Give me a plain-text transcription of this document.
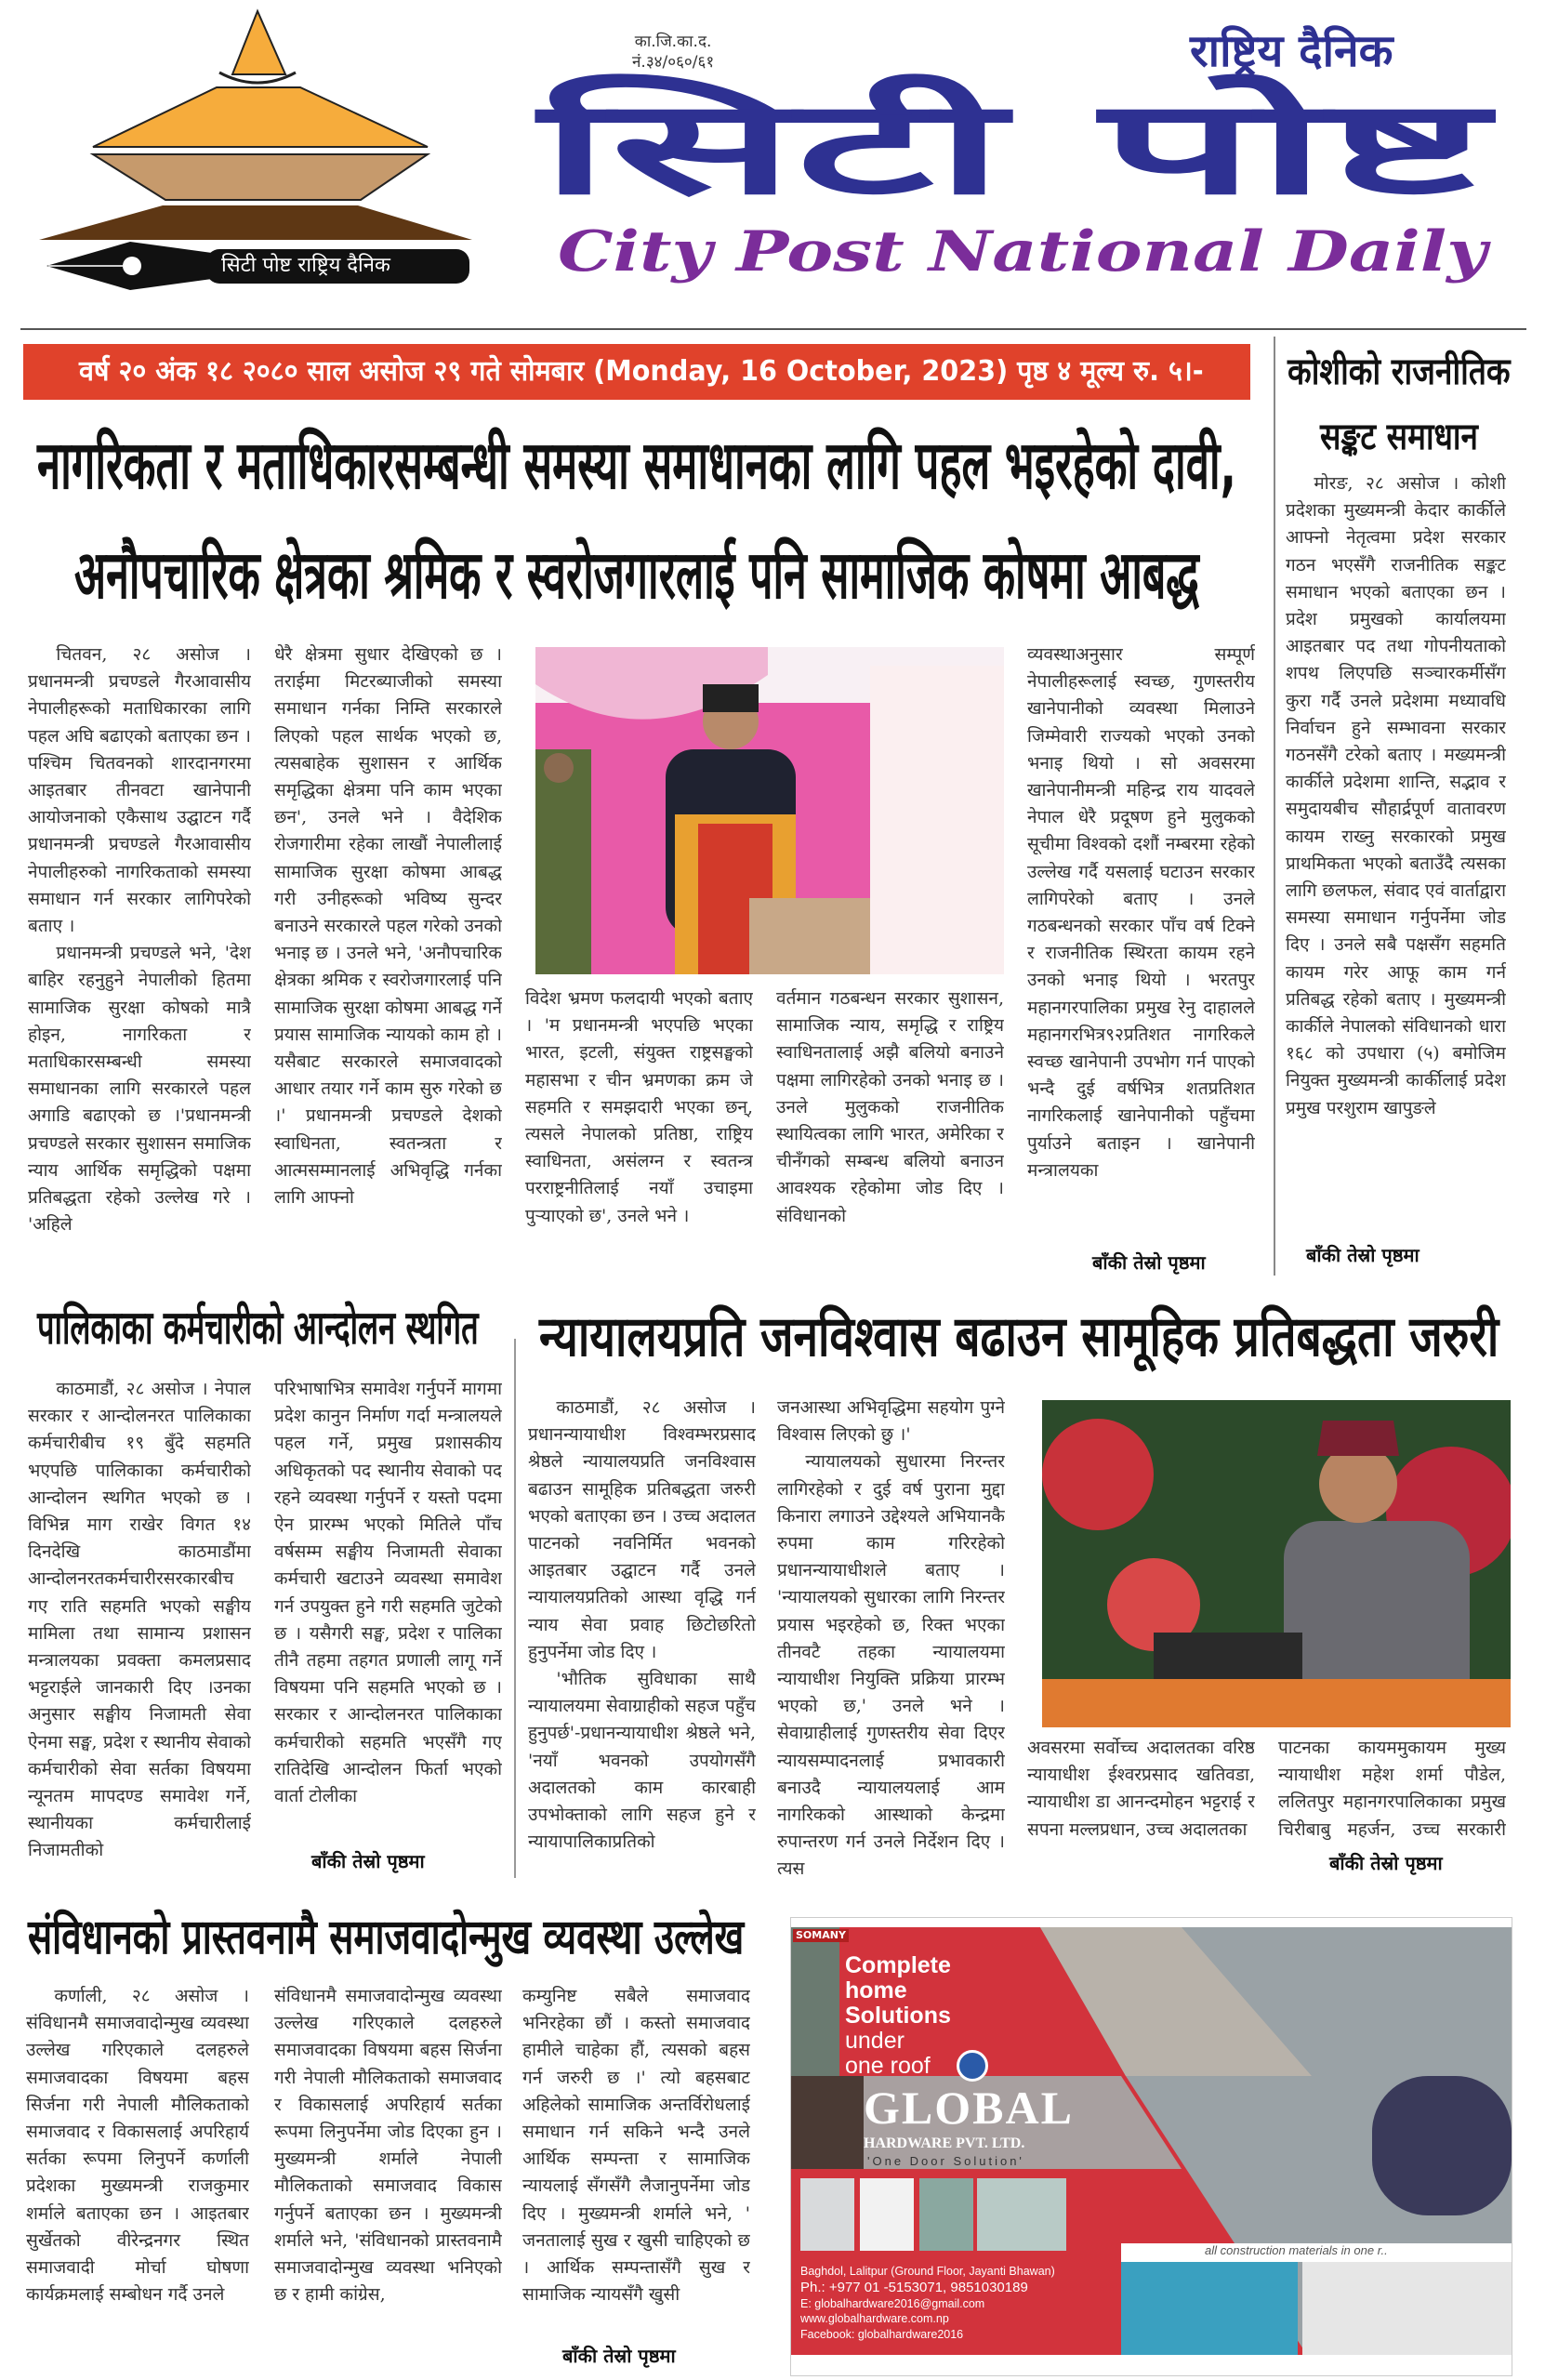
सिटी पोष्ट राष्ट्रिय दैनिक
का.जि.का.द.
नं.३४/०६०/६१	राष्ट्रिय दैनिक
सिटी पोष्ट
City Post National Daily
वर्ष २० अंक १८ २०८० साल असोज २९ गते सोमबार (Monday, 16 October, 2023) पृष्ठ ४ मूल्य रु. ५।-
नागरिकता र मताधिकारसम्बन्धी समस्या समाधानका लागि पहल भइरहेको दावी,
अनौपचारिक क्षेत्रका श्रमिक र स्वरोजगारलाई पनि सामाजिक कोषमा आबद्ध

चितवन, २८ असोज । प्रधानमन्त्री प्रचण्डले गैरआवासीय नेपालीहरूको मताधिकारका लागि पहल अघि बढाएको बताएका छन । पश्चिम चितवनको शारदानगरमा आइतबार तीनवटा खानेपानी आयोजनाको एकैसाथ उद्घाटन गर्दै प्रधानमन्त्री प्रचण्डले गैरआवासीय नेपालीहरुको नागरिकताको समस्या समाधान गर्न सरकार लागिपरेको बताए ।

प्रधानमन्त्री प्रचण्डले भने, 'देश बाहिर रहनुहुने नेपालीको हितमा सामाजिक सुरक्षा कोषको मात्रै होइन, नागरिकता र मताधिकारसम्बन्धी समस्या समाधानका लागि सरकारले पहल अगाडि बढाएको छ ।'प्रधानमन्त्री प्रचण्डले सरकार सुशासन समाजिक न्याय आर्थिक समृद्धिको पक्षमा प्रतिबद्धता रहेको उल्लेख गरे । 'अहिले

धेरै क्षेत्रमा सुधार देखिएको छ । तराईमा मिटरब्याजीको समस्या समाधान गर्नका निम्ति सरकारले लिएको पहल सार्थक भएको छ, त्यसबाहेक सुशासन र आर्थिक समृद्धिका क्षेत्रमा पनि काम भएका छन', उनले भने । वैदेशिक रोजगारीमा रहेका लाखौं नेपालीलाई सामाजिक सुरक्षा कोषमा आबद्ध गरी उनीहरूको भविष्य सुन्दर बनाउने सरकारले पहल गरेको उनको भनाइ छ । उनले भने, 'अनौपचारिक क्षेत्रका श्रमिक र स्वरोजगारलाई पनि सामाजिक सुरक्षा कोषमा आबद्ध गर्ने प्रयास सामाजिक न्यायको काम हो । यसैबाट सरकारले समाजवादको आधार तयार गर्ने काम सुरु गरेको छ ।' प्रधानमन्त्री प्रचण्डले देशको स्वाधिनता, स्वतन्त्रता र आत्मसम्मानलाई अभिवृद्धि गर्नका लागि आफ्नो

विदेश भ्रमण फलदायी भएको बताए । 'म प्रधानमन्त्री भएपछि भएका भारत, इटली, संयुक्त राष्ट्रसङ्घको महासभा र चीन भ्रमणका क्रम जे सहमति र समझदारी भएका छन्, त्यसले नेपालको प्रतिष्ठा, राष्ट्रिय स्वाधिनता, असंलग्न र स्वतन्त्र परराष्ट्रनीतिलाई नयाँ उचाइमा पुऱ्याएको छ', उनले भने ।

वर्तमान गठबन्धन सरकार सुशासन, सामाजिक न्याय, समृद्धि र राष्ट्रिय स्वाधिनतालाई अझै बलियो बनाउने पक्षमा लागिरहेको उनको भनाइ छ । उनले मुलुकको राजनीतिक स्थायित्वका लागि भारत, अमेरिका र चीनँगको सम्बन्ध बलियो बनाउन आवश्यक रहेकोमा जोड दिए । संविधानको

व्यवस्थाअनुसार सम्पूर्ण नेपालीहरूलाई स्वच्छ, गुणस्तरीय खानेपानीको व्यवस्था मिलाउने जिम्मेवारी राज्यको भएको उनको भनाइ थियो । सो अवसरमा खानेपानीमन्त्री महिन्द्र राय यादवले नेपाल धेरै प्रदूषण हुने मुलुकको सूचीमा विश्वको दशौं नम्बरमा रहेको उल्लेख गर्दै यसलाई घटाउन सरकार लागिपरेको बताए । उनले गठबन्धनको सरकार पाँच वर्ष टिक्ने र राजनीतिक स्थिरता कायम रहने उनको भनाइ थियो । भरतपुर महानगरपालिका प्रमुख रेनु दाहालले महानगरभित्र९२प्रतिशत नागरिकले स्वच्छ खानेपानी उपभोग गर्न पाएको भन्दै दुई वर्षभित्र शतप्रतिशत नागरिकलाई खानेपानीको पहुँचमा पुर्याउने बताइन । खानेपानी मन्त्रालयका

बाँकी तेस्रो पृष्ठमा
कोशीको राजनीतिक
सङ्कट समाधान

मोरङ, २८ असोज । कोशी प्रदेशका मुख्यमन्त्री केदार कार्कीले आफ्नो नेतृत्वमा प्रदेश सरकार गठन भएसँगै राजनीतिक सङ्कट समाधान भएको बताएका छन । प्रदेश प्रमुखको कार्यालयमा आइतबार पद तथा गोपनीयताको शपथ लिएपछि सञ्चारकर्मीसँग कुरा गर्दै उनले प्रदेशमा मध्यावधि निर्वाचन हुने सम्भावना सरकार गठनसँगै टरेको बताए । मख्यमन्त्री कार्कीले प्रदेशमा शान्ति, सद्भाव र समुदायबीच सौहार्द्रपूर्ण वातावरण कायम राख्नु सरकारको प्रमुख प्राथमिकता भएको बताउँदै त्यसका लागि छलफल, संवाद एवं वार्ताद्वारा समस्या समाधान गर्नुपर्नेमा जोड दिए । उनले सबै पक्षसँग सहमति कायम गरेर आफू काम गर्न प्रतिबद्ध रहेको बताए । मुख्यमन्त्री कार्कीले नेपालको संविधानको धारा १६८ को उपधारा (५) बमोजिम नियुक्त मुख्यमन्त्री कार्कीलाई प्रदेश प्रमुख परशुराम खापुङले

बाँकी तेस्रो पृष्ठमा
पालिकाका कर्मचारीको आन्दोलन स्थगित

काठमाडौं, २८ असोज । नेपाल सरकार र आन्दोलनरत पालिकाका कर्मचारीबीच १९ बुँदे सहमति भएपछि पालिकाका कर्मचारीको आन्दोलन स्थगित भएको छ । विभिन्न माग राखेर विगत १४ दिनदेखि काठमाडौंमा आन्दोलनरतकर्मचारीरसरकारबीच गए राति सहमति भएको सङ्घीय मामिला तथा सामान्य प्रशासन मन्त्रालयका प्रवक्ता कमलप्रसाद भट्टराईले जानकारी दिए ।उनका अनुसार सङ्घीय निजामती सेवा ऐनमा सङ्घ, प्रदेश र स्थानीय सेवाको कर्मचारीको सेवा सर्तका विषयमा न्यूनतम मापदण्ड समावेश गर्ने, स्थानीयका कर्मचारीलाई निजामतीको

परिभाषाभित्र समावेश गर्नुपर्ने मागमा प्रदेश कानुन निर्माण गर्दा मन्त्रालयले पहल गर्ने, प्रमुख प्रशासकीय अधिकृतको पद स्थानीय सेवाको पद रहने व्यवस्था गर्नुपर्ने र यस्तो पदमा ऐन प्रारम्भ भएको मितिले पाँच वर्षसम्म सङ्घीय निजामती सेवाका कर्मचारी खटाउने व्यवस्था समावेश गर्न उपयुक्त हुने गरी सहमति जुटेको छ । यसैगरी सङ्घ, प्रदेश र पालिका तीनै तहमा तहगत प्रणाली लागू गर्ने विषयमा पनि सहमति भएको छ । सरकार र आन्दोलनरत पालिकाका कर्मचारीको सहमति भएसँगै गए रातिदेखि आन्दोलन फिर्ता भएको वार्ता टोलीका

बाँकी तेस्रो पृष्ठमा
न्यायालयप्रति जनविश्वास बढाउन सामूहिक प्रतिबद्धता जरुरी

काठमाडौं, २८ असोज । प्रधानन्यायाधीश विश्वम्भरप्रसाद श्रेष्ठले न्यायालयप्रति जनविश्वास बढाउन सामूहिक प्रतिबद्धता जरुरी भएको बताएका छन । उच्च अदालत पाटनको नवनिर्मित भवनको आइतबार उद्घाटन गर्दै उनले न्यायालयप्रतिको आस्था वृद्धि गर्न न्याय सेवा प्रवाह छिटोछरितो हुनुपर्नेमा जोड दिए ।

'भौतिक सुविधाका साथै न्यायालयमा सेवाग्राहीको सहज पहुँच हुनुपर्छ'-प्रधानन्यायाधीश श्रेष्ठले भने, 'नयाँ भवनको उपयोगसँगै अदालतको काम कारबाही उपभोक्ताको लागि सहज हुने र न्यायापालिकाप्रतिको

जनआस्था अभिवृद्धिमा सहयोग पुग्ने विश्वास लिएको छु ।'

न्यायालयको सुधारमा निरन्तर लागिरहेको र दुई वर्ष पुराना मुद्दा किनारा लगाउने उद्देश्यले अभियानकै रुपमा काम गरिरहेको प्रधानन्यायाधीशले बताए । 'न्यायालयको सुधारका लागि निरन्तर प्रयास भइरहेको छ, रिक्त भएका तीनवटै तहका न्यायालयमा न्यायाधीश नियुक्ति प्रक्रिया प्रारम्भ भएको छ,' उनले भने । सेवाग्राहीलाई गुणस्तरीय सेवा दिएर न्यायसम्पादनलाई प्रभावकारी बनाउदै न्यायालयलाई आम नागरिकको आस्थाको केन्द्रमा रुपान्तरण गर्न उनले निर्देशन दिए । त्यस

अवसरमा सर्वोच्च अदालतका वरिष्ठ न्यायाधीश ईश्वरप्रसाद खतिवडा, न्यायाधीश डा आनन्दमोहन भट्टराई र सपना मल्लप्रधान, उच्च अदालतका

पाटनका कायममुकायम मुख्य न्यायाधीश महेश शर्मा पौडेल, ललितपुर महानगरपालिकाका प्रमुख चिरीबाबु महर्जन, उच्च सरकारी

बाँकी तेस्रो पृष्ठमा
संविधानको प्रास्तवनामै समाजवादोन्मुख व्यवस्था उल्लेख

कर्णाली, २८ असोज । संविधानमै समाजवादोन्मुख व्यवस्था उल्लेख गरिएकाले दलहरुले समाजवादका विषयमा बहस सिर्जना गरी नेपाली मौलिकताको समाजवाद र विकासलाई अपरिहार्य सर्तका रूपमा लिनुपर्ने कर्णाली प्रदेशका मुख्यमन्त्री राजकुमार शर्माले बताएका छन । आइतबार सुर्खेतको वीरेन्द्रनगर स्थित समाजवादी मोर्चा घोषणा कार्यक्रमलाई सम्बोधन गर्दै उनले

संविधानमै समाजवादोन्मुख व्यवस्था उल्लेख गरिएकाले दलहरुले समाजवादका विषयमा बहस सिर्जना गरी नेपाली मौलिकताको समाजवाद र विकासलाई अपरिहार्य सर्तका रूपमा लिनुपर्नेमा जोड दिएका हुन । मुख्यमन्त्री शर्माले नेपाली मौलिकताको समाजवाद विकास गर्नुपर्ने बताएका छन । मुख्यमन्त्री शर्माले भने, 'संविधानको प्रास्तवनामै समाजवादोन्मुख व्यवस्था भनिएको छ र हामी कांग्रेस,

कम्युनिष्ट सबैले समाजवाद भनिरहेका छौं । कस्तो समाजवाद हामीले चाहेका हौं, त्यसको बहस गर्न जरुरी छ ।' त्यो बहसबाट अहिलेको सामाजिक अन्तर्विरोधलाई समाधान गर्न सकिने भन्दै उनले आर्थिक सम्पन्ता र सामाजिक न्यायलाई सँगसँगै लैजानुपर्नेमा जोड दिए । मुख्यमन्त्री शर्माले भने, ' जनतालाई सुख र खुसी चाहिएको छ । आर्थिक सम्पन्तासँगै सुख र सामाजिक न्यायसँगै खुसी

बाँकी तेस्रो पृष्ठमा
SOMANY
Complete
home
Solutions
under
one roof
GLOBAL
HARDWARE PVT. LTD.
'One Door Solution'
all construction materials in one r..
Baghdol, Lalitpur (Ground Floor, Jayanti Bhawan)
Ph.: +977 01 -5153071, 9851030189
E: globalhardware2016@gmail.com
www.globalhardware.com.np
Facebook: globalhardware2016
